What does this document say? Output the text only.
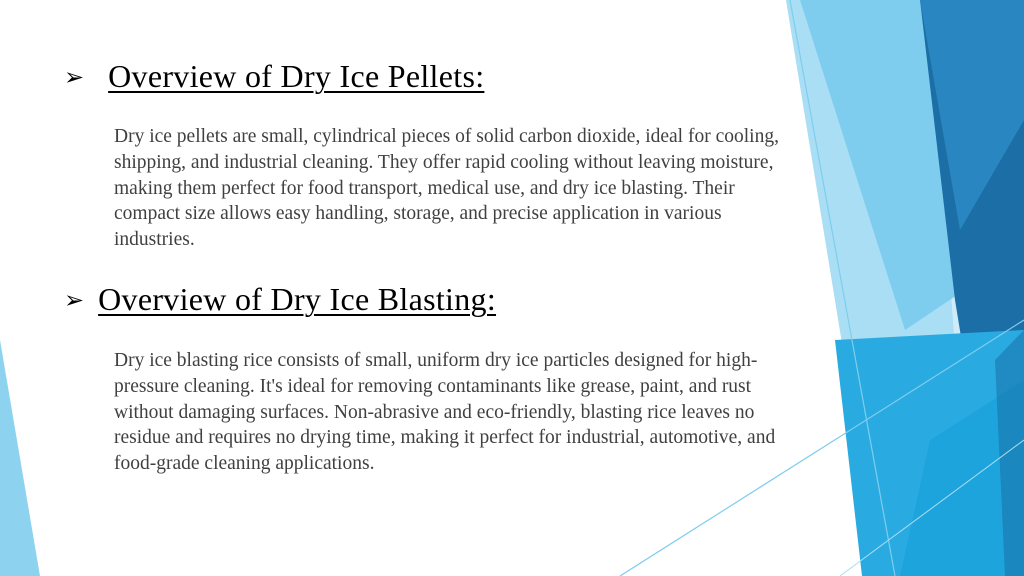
➢ Overview of Dry Ice Pellets:

Dry ice pellets are small, cylindrical pieces of solid carbon dioxide, ideal for cooling, shipping, and industrial cleaning. They offer rapid cooling without leaving moisture, making them perfect for food transport, medical use, and dry ice blasting. Their compact size allows easy handling, storage, and precise application in various industries.

➢ Overview of Dry Ice Blasting:

Dry ice blasting rice consists of small, uniform dry ice particles designed for high-pressure cleaning. It's ideal for removing contaminants like grease, paint, and rust without damaging surfaces. Non-abrasive and eco-friendly, blasting rice leaves no residue and requires no drying time, making it perfect for industrial, automotive, and food-grade cleaning applications.
